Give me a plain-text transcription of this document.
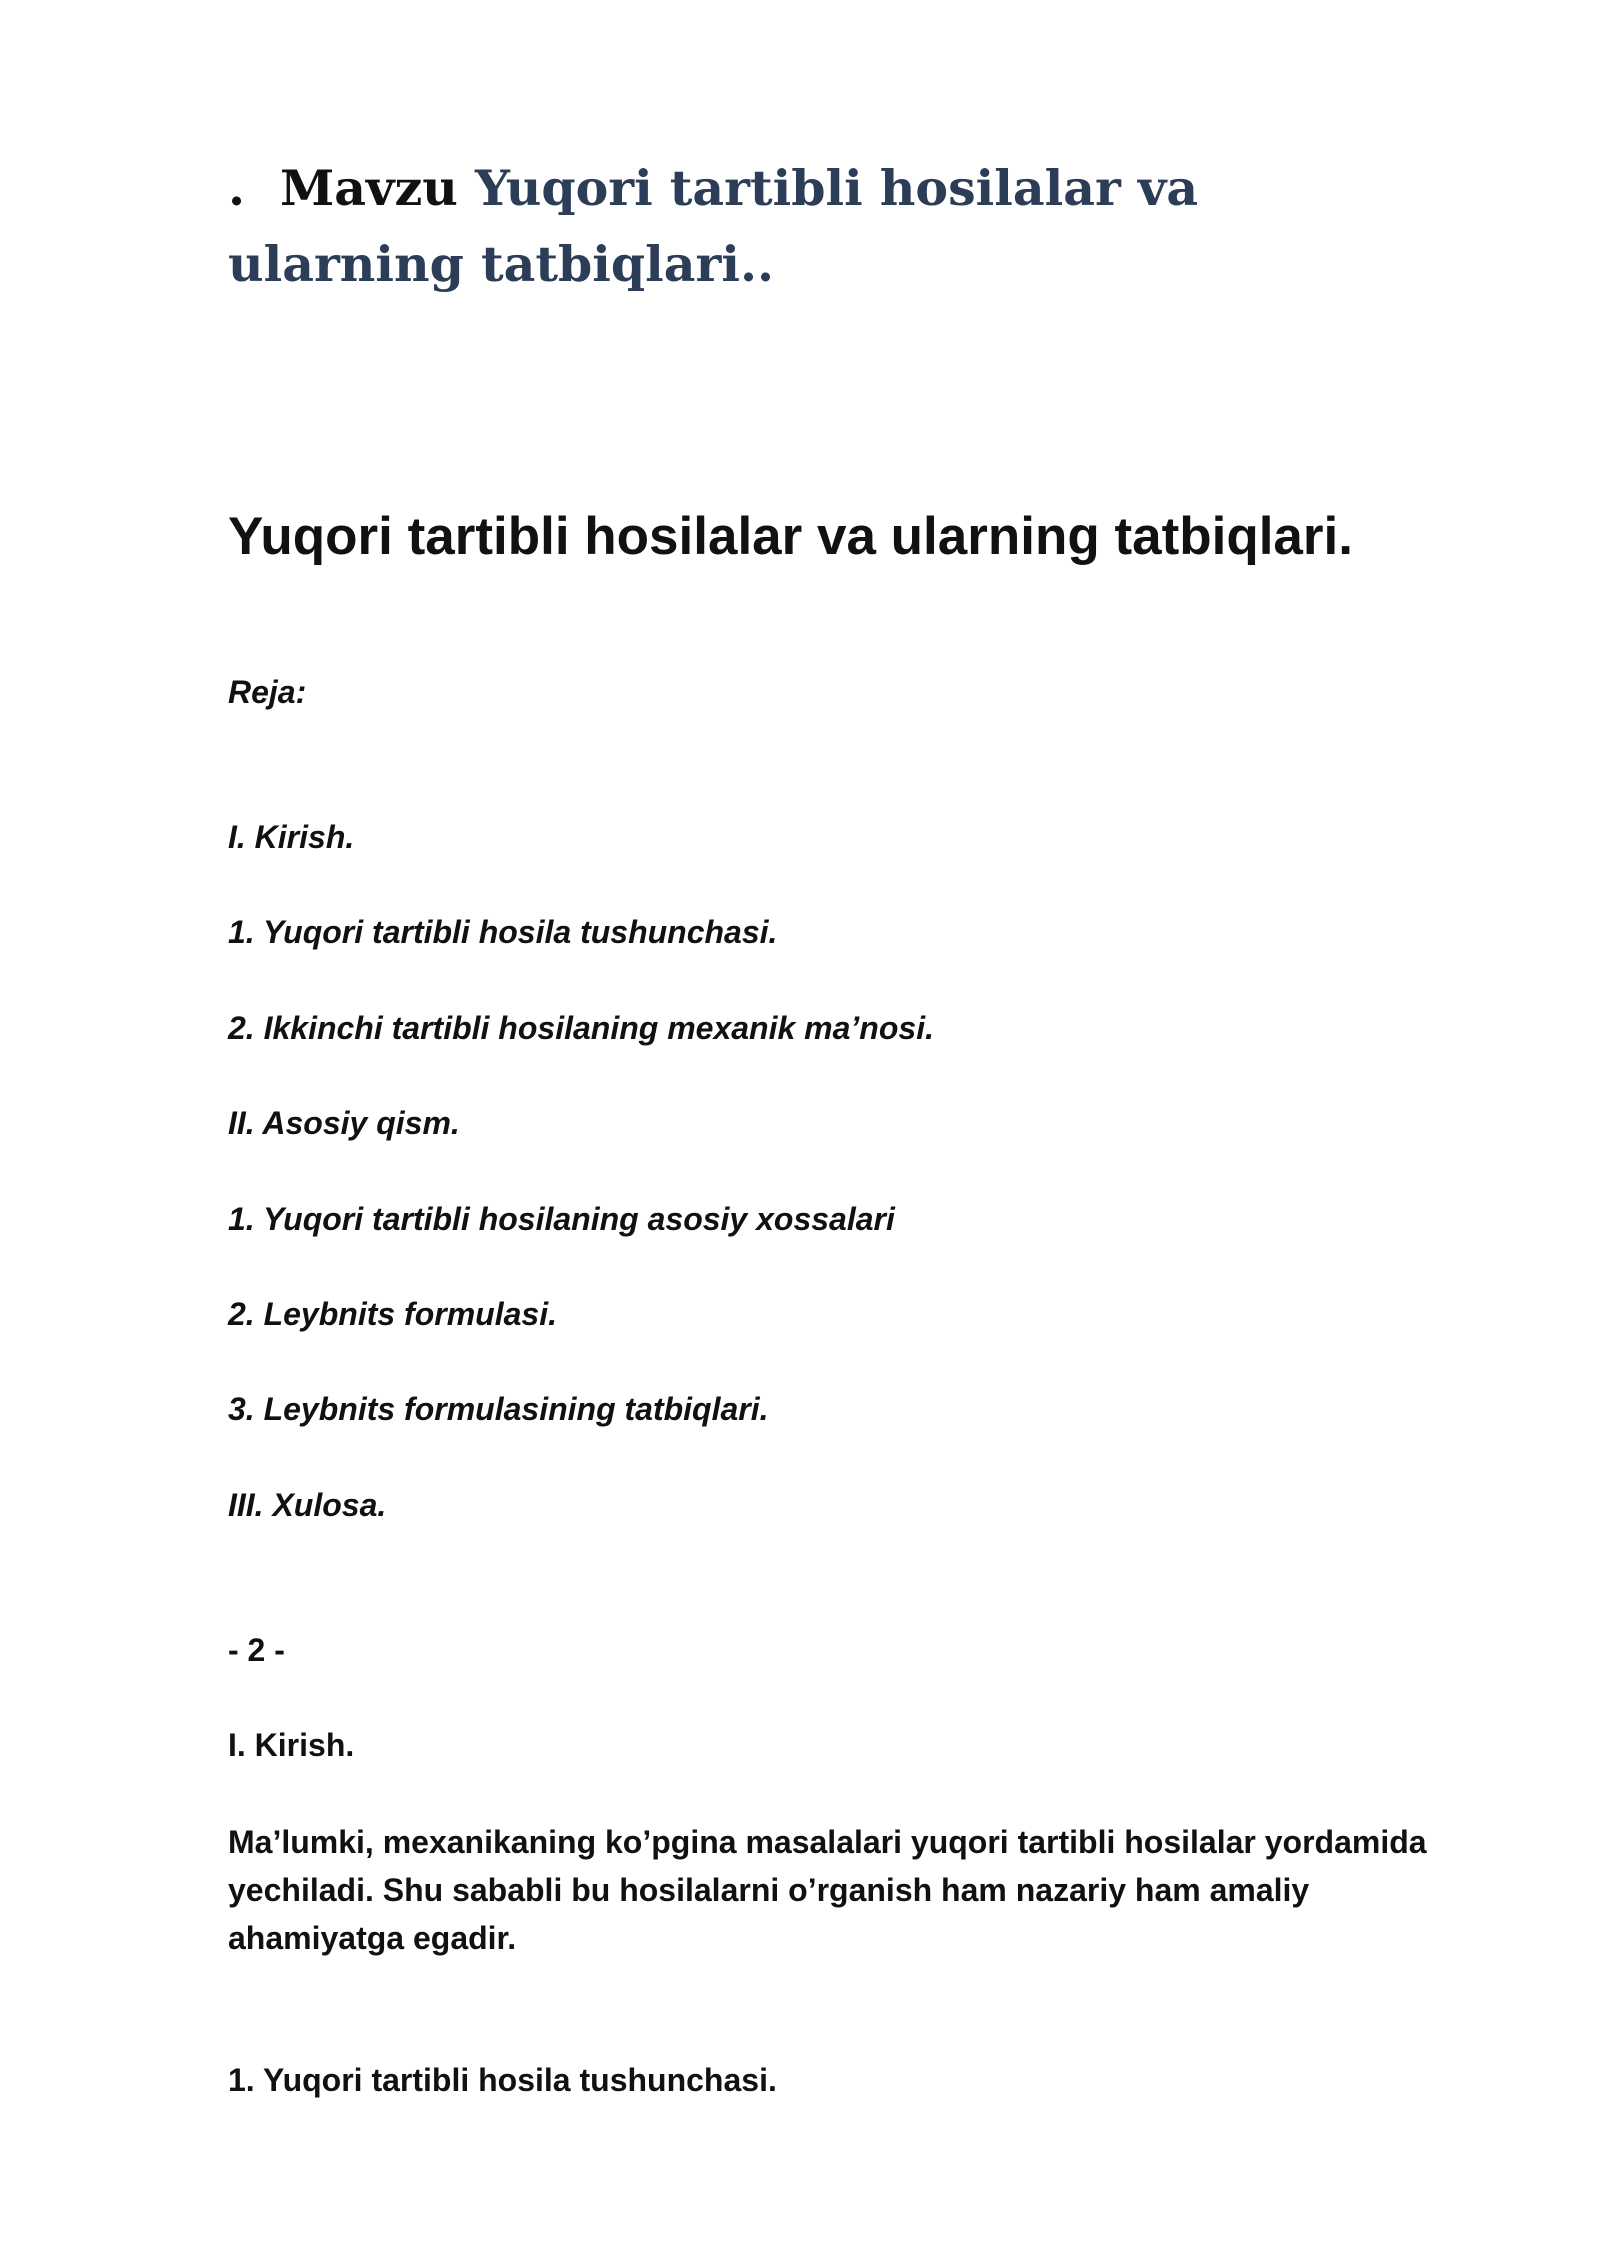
. Mavzu Yuqori tartibli hosilalar va ularning tatbiqlari..
Yuqori tartibli hosilalar va ularning tatbiqlari.

Reja:

I. Kirish.

1. Yuqori tartibli hosila tushunchasi.

2. Ikkinchi tartibli hosilaning mexanik ma’nosi.

II. Asosiy qism.

1. Yuqori tartibli hosilaning asosiy xossalari

2. Leybnits formulasi.

3. Leybnits formulasining tatbiqlari.

III. Xulosa.

- 2 -

I. Kirish.

Ma’lumki, mexanikaning ko’pgina masalalari yuqori tartibli hosilalar yordamida yechiladi. Shu sababli bu hosilalarni o’rganish ham nazariy ham amaliy ahamiyatga egadir.

1. Yuqori tartibli hosila tushunchasi.
